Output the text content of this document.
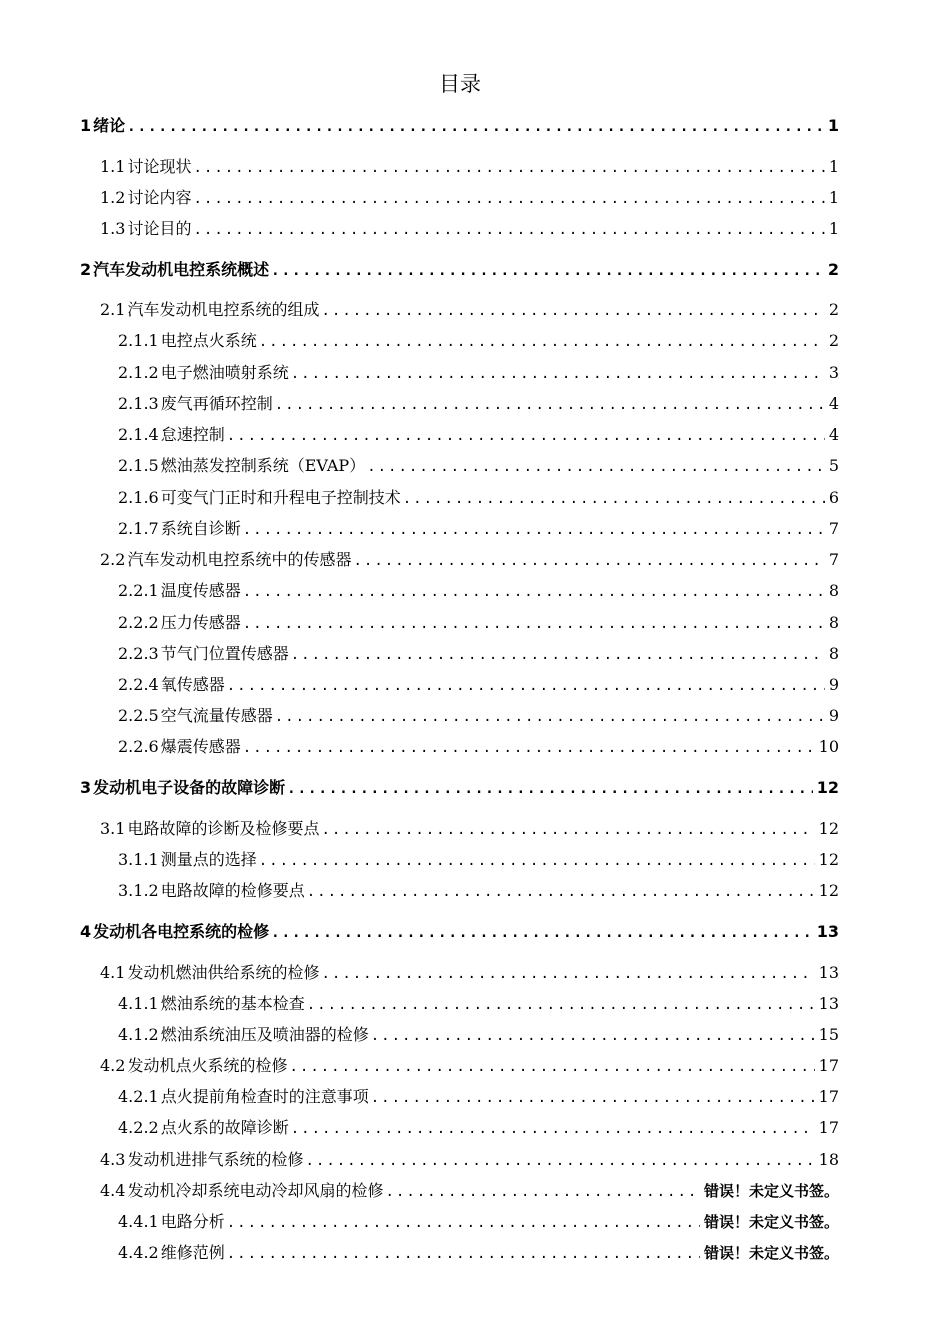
目录
1 绪论 .....	1
1.1 讨论现状 .....	1
1.2 讨论内容 .....	1
1.3 讨论目的 .....	1
2 汽车发动机电控系统概述 .....	2
2.1 汽车发动机电控系统的组成 .....	2
2.1.1 电控点火系统 .....	2
2.1.2 电子燃油喷射系统 .....	3
2.1.3 废气再循环控制 .....	4
2.1.4 怠速控制 .....	4
2.1.5 燃油蒸发控制系统（EVAP） .....	5
2.1.6 可变气门正时和升程电子控制技术 .....	6
2.1.7 系统自诊断 .....	7
2.2 汽车发动机电控系统中的传感器 .....	7
2.2.1 温度传感器 .....	8
2.2.2 压力传感器 .....	8
2.2.3 节气门位置传感器 .....	8
2.2.4 氧传感器 .....	9
2.2.5 空气流量传感器 .....	9
2.2.6 爆震传感器 .....	10
3 发动机电子设备的故障诊断 .....	12
3.1 电路故障的诊断及检修要点 .....	12
3.1.1 测量点的选择 .....	12
3.1.2 电路故障的检修要点 .....	12
4 发动机各电控系统的检修 .....	13
4.1 发动机燃油供给系统的检修 .....	13
4.1.1 燃油系统的基本检查 .....	13
4.1.2 燃油系统油压及喷油器的检修 .....	15
4.2 发动机点火系统的检修 .....	17
4.2.1 点火提前角检查时的注意事项 .....	17
4.2.2 点火系的故障诊断 .....	17
4.3 发动机进排气系统的检修 .....	18
4.4 发动机冷却系统电动冷却风扇的检修 .....	错误！未定义书签。
4.4.1 电路分析 .....	错误！未定义书签。
4.4.2 维修范例 .....	错误！未定义书签。
